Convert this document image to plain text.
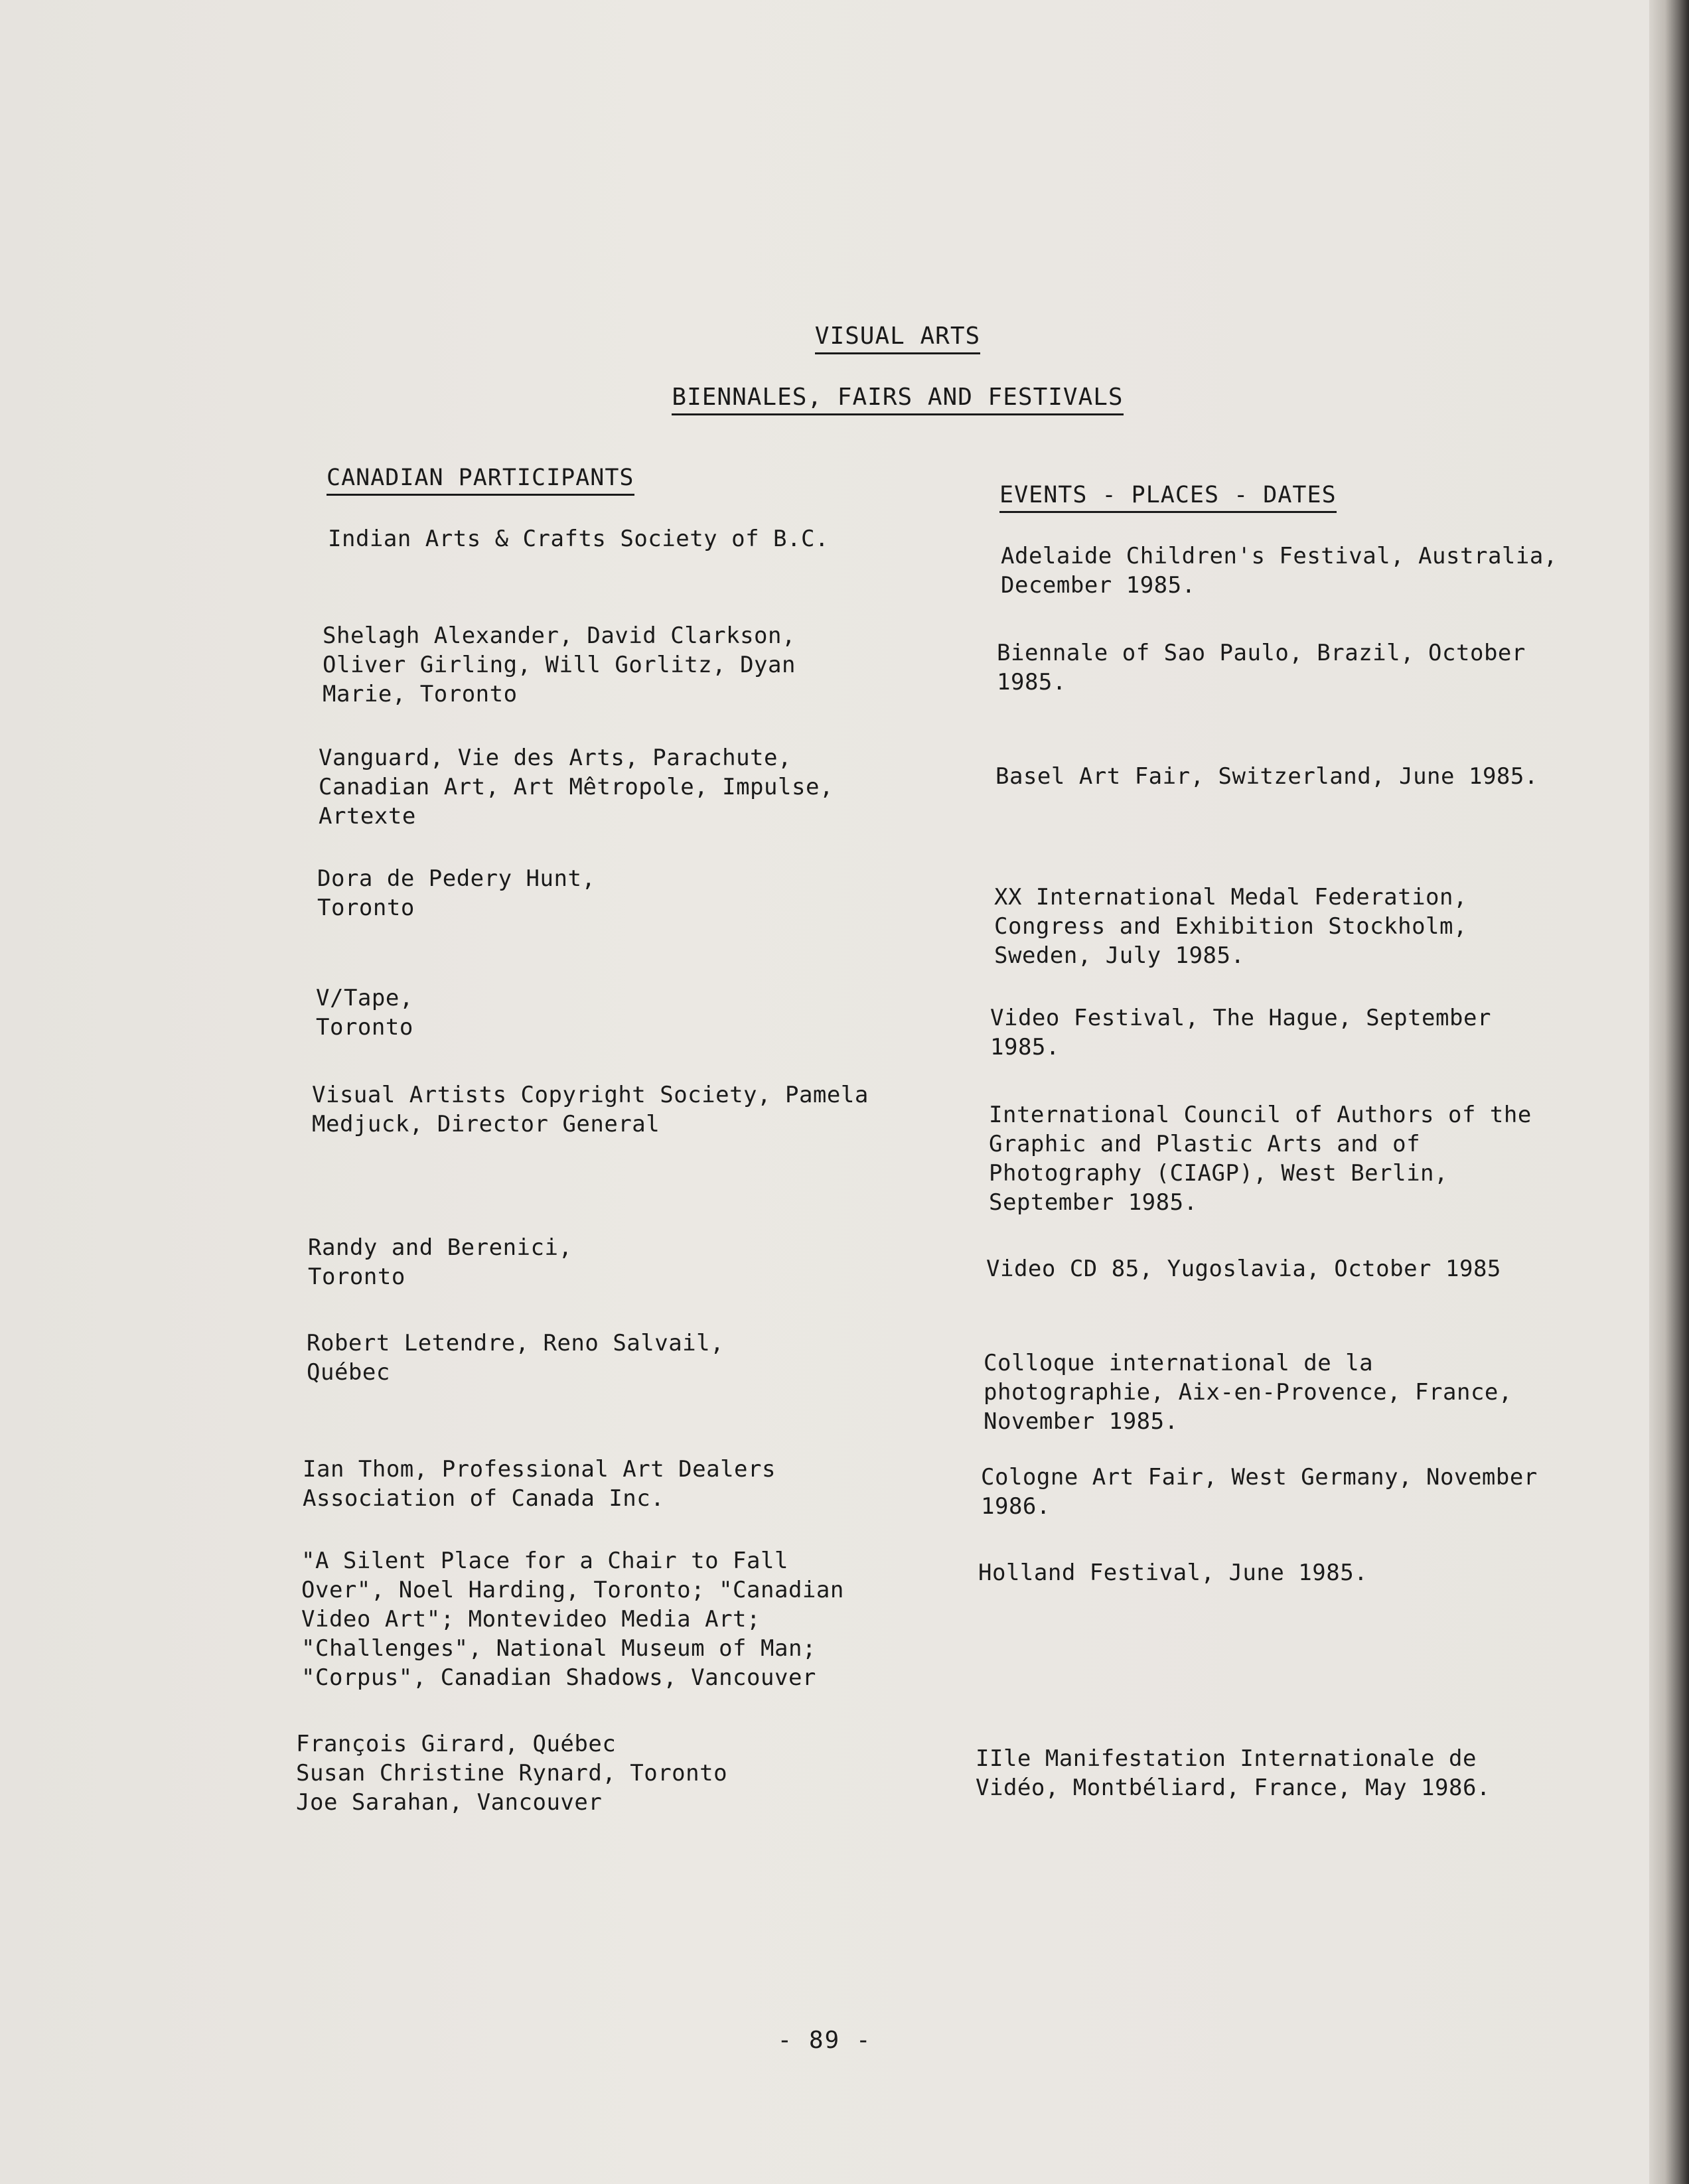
VISUAL ARTS
BIENNALES, FAIRS AND FESTIVALS
CANADIAN PARTICIPANTS
EVENTS - PLACES - DATES
Indian Arts & Crafts Society of B.C.
Shelagh Alexander, David Clarkson,
Oliver Girling, Will Gorlitz, Dyan
Marie, Toronto
Vanguard, Vie des Arts, Parachute,
Canadian Art, Art Mêtropole, Impulse,
Artexte
Dora de Pedery Hunt,
Toronto
V/Tape,
Toronto
Visual Artists Copyright Society, Pamela
Medjuck, Director General
Randy and Berenici,
Toronto
Robert Letendre, Reno Salvail,
Québec
Ian Thom, Professional Art Dealers
Association of Canada Inc.
"A Silent Place for a Chair to Fall
Over", Noel Harding, Toronto; "Canadian
Video Art"; Montevideo Media Art;
"Challenges", National Museum of Man;
"Corpus", Canadian Shadows, Vancouver
François Girard, Québec
Susan Christine Rynard, Toronto
Joe Sarahan, Vancouver
Adelaide Children's Festival, Australia,
December 1985.
Biennale of Sao Paulo, Brazil, October
1985.
Basel Art Fair, Switzerland, June 1985.
XX International Medal Federation,
Congress and Exhibition Stockholm,
Sweden, July 1985.
Video Festival, The Hague, September
1985.
International Council of Authors of the
Graphic and Plastic Arts and of
Photography (CIAGP), West Berlin,
September 1985.
Video CD 85, Yugoslavia, October 1985
Colloque international de la
photographie, Aix-en-Provence, France,
November 1985.
Cologne Art Fair, West Germany, November
1986.
Holland Festival, June 1985.
IIle Manifestation Internationale de
Vidéo, Montbéliard, France, May 1986.
- 89 -
